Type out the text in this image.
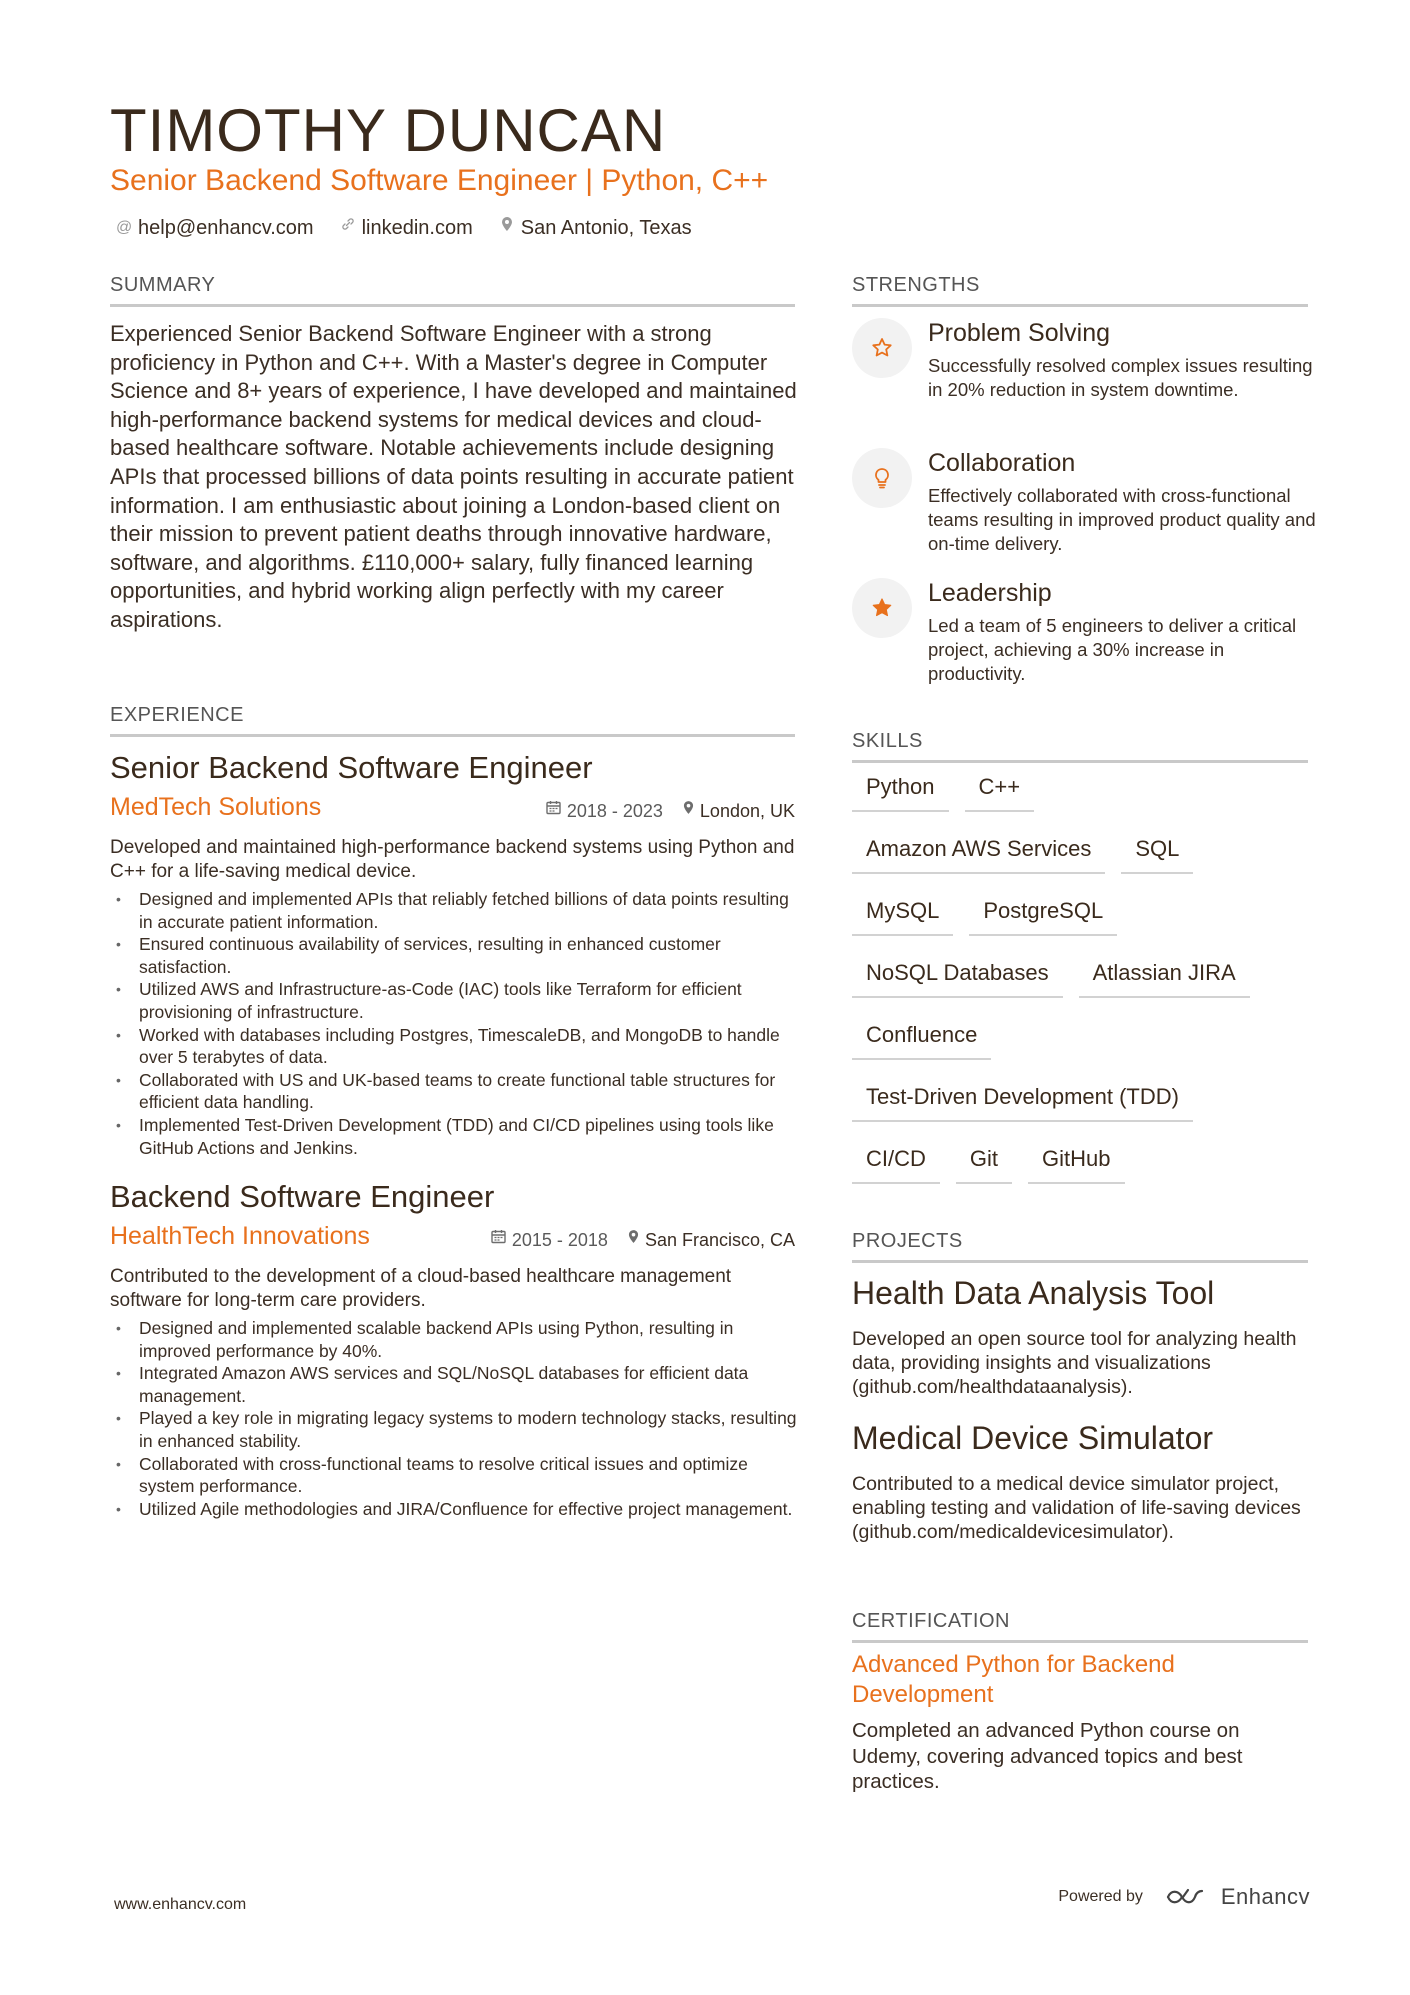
TIMOTHY DUNCAN
Senior Backend Software Engineer | Python, C++
@ help@enhancv.com linkedin.com San Antonio, Texas
SUMMARY
Experienced Senior Backend Software Engineer with a strong proficiency in Python and C++. With a Master's degree in Computer Science and 8+ years of experience, I have developed and maintained high-performance backend systems for medical devices and cloud-based healthcare software. Notable achievements include designing APIs that processed billions of data points resulting in accurate patient information. I am enthusiastic about joining a London-based client on their mission to prevent patient deaths through innovative hardware, software, and algorithms. £110,000+ salary, fully financed learning opportunities, and hybrid working align perfectly with my career aspirations.
EXPERIENCE
Senior Backend Software Engineer
MedTech Solutions	2018 - 2023 London, UK
Developed and maintained high-performance backend systems using Python and C++ for a life-saving medical device.
• Designed and implemented APIs that reliably fetched billions of data points resulting in accurate patient information.
• Ensured continuous availability of services, resulting in enhanced customer satisfaction.
• Utilized AWS and Infrastructure-as-Code (IAC) tools like Terraform for efficient provisioning of infrastructure.
• Worked with databases including Postgres, TimescaleDB, and MongoDB to handle over 5 terabytes of data.
• Collaborated with US and UK-based teams to create functional table structures for efficient data handling.
• Implemented Test-Driven Development (TDD) and CI/CD pipelines using tools like GitHub Actions and Jenkins.
Backend Software Engineer
HealthTech Innovations	2015 - 2018 San Francisco, CA
Contributed to the development of a cloud-based healthcare management software for long-term care providers.
• Designed and implemented scalable backend APIs using Python, resulting in improved performance by 40%.
• Integrated Amazon AWS services and SQL/NoSQL databases for efficient data management.
• Played a key role in migrating legacy systems to modern technology stacks, resulting in enhanced stability.
• Collaborated with cross-functional teams to resolve critical issues and optimize system performance.
• Utilized Agile methodologies and JIRA/Confluence for effective project management.
STRENGTHS
Problem Solving
Successfully resolved complex issues resulting in 20% reduction in system downtime.
Collaboration
Effectively collaborated with cross-functional teams resulting in improved product quality and on-time delivery.
Leadership
Led a team of 5 engineers to deliver a critical project, achieving a 30% increase in productivity.
SKILLS
Python	C++
Amazon AWS Services	SQL
MySQL	PostgreSQL
NoSQL Databases	Atlassian JIRA
Confluence
Test-Driven Development (TDD)
CI/CD	Git	GitHub
PROJECTS
Health Data Analysis Tool
Developed an open source tool for analyzing health data, providing insights and visualizations (github.com/healthdataanalysis).
Medical Device Simulator
Contributed to a medical device simulator project, enabling testing and validation of life-saving devices (github.com/medicaldevicesimulator).
CERTIFICATION
Advanced Python for Backend Development
Completed an advanced Python course on Udemy, covering advanced topics and best practices.
www.enhancv.com	Powered by	Enhancv
